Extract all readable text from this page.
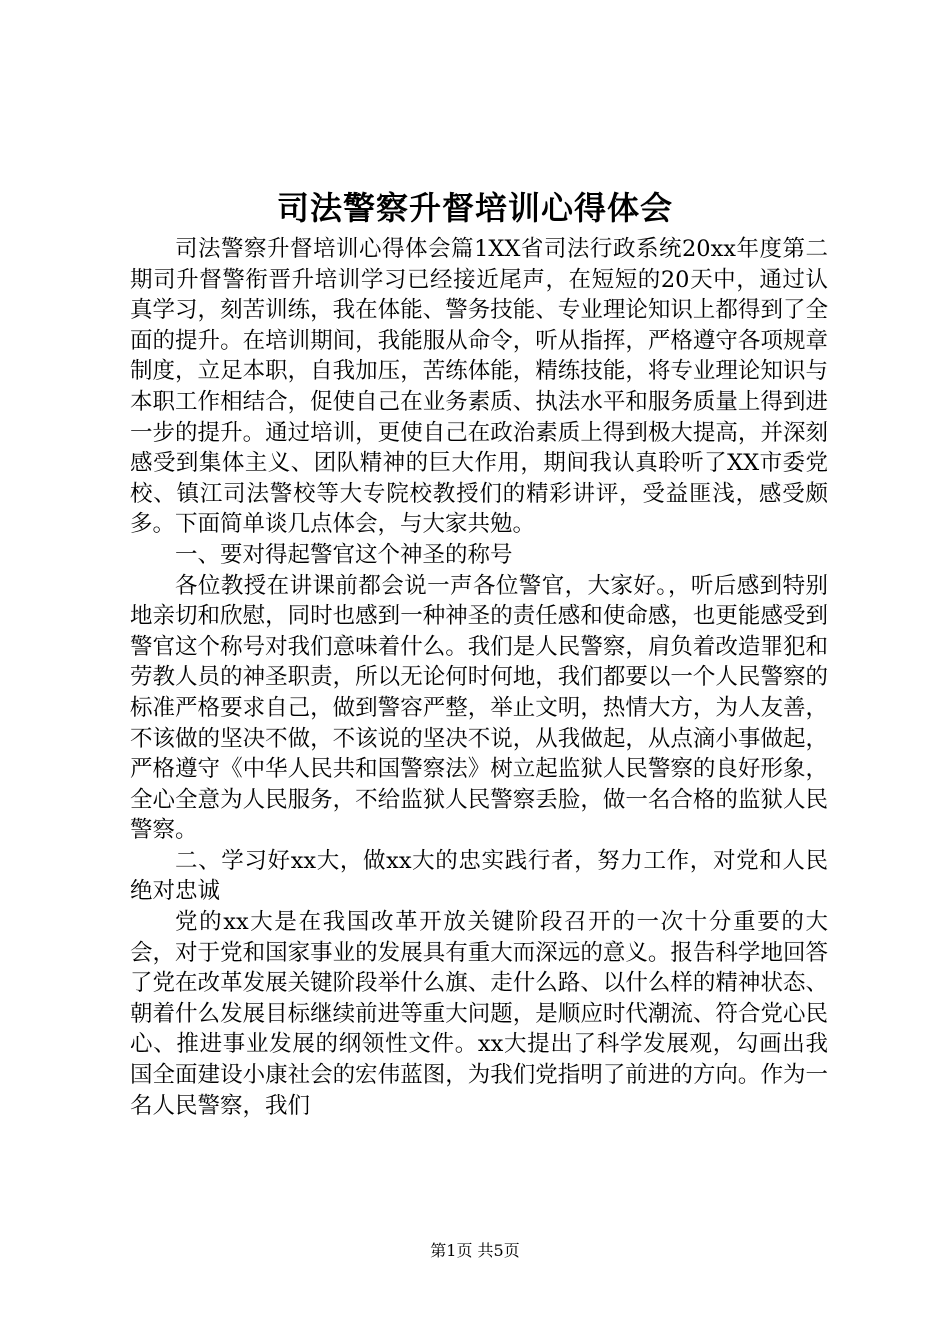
司法警察升督培训心得体会

司法警察升督培训心得体会篇1XX省司法行政系统20xx年度第二期司升督警衔晋升培训学习已经接近尾声，在短短的20天中，通过认真学习，刻苦训练，我在体能、警务技能、专业理论知识上都得到了全面的提升。在培训期间，我能服从命令，听从指挥，严格遵守各项规章制度，立足本职，自我加压，苦练体能，精练技能，将专业理论知识与本职工作相结合，促使自己在业务素质、执法水平和服务质量上得到进一步的提升。通过培训，更使自己在政治素质上得到极大提高，并深刻感受到集体主义、团队精神的巨大作用，期间我认真聆听了XX市委党校、镇江司法警校等大专院校教授们的精彩讲评，受益匪浅，感受颇多。下面简单谈几点体会，与大家共勉。

一、要对得起警官这个神圣的称号

各位教授在讲课前都会说一声各位警官，大家好。，听后感到特别地亲切和欣慰，同时也感到一种神圣的责任感和使命感，也更能感受到警官这个称号对我们意味着什么。我们是人民警察，肩负着改造罪犯和劳教人员的神圣职责，所以无论何时何地，我们都要以一个人民警察的标准严格要求自己，做到警容严整，举止文明，热情大方，为人友善，不该做的坚决不做，不该说的坚决不说，从我做起，从点滴小事做起，严格遵守《中华人民共和国警察法》树立起监狱人民警察的良好形象，全心全意为人民服务，不给监狱人民警察丢脸，做一名合格的监狱人民警察。

二、学习好xx大，做xx大的忠实践行者，努力工作，对党和人民绝对忠诚

党的xx大是在我国改革开放关键阶段召开的一次十分重要的大会，对于党和国家事业的发展具有重大而深远的意义。报告科学地回答了党在改革发展关键阶段举什么旗、走什么路、以什么样的精神状态、朝着什么发展目标继续前进等重大问题，是顺应时代潮流、符合党心民心、推进事业发展的纲领性文件。xx大提出了科学发展观，勾画出我国全面建设小康社会的宏伟蓝图，为我们党指明了前进的方向。作为一名人民警察，我们

第1页 共5页
